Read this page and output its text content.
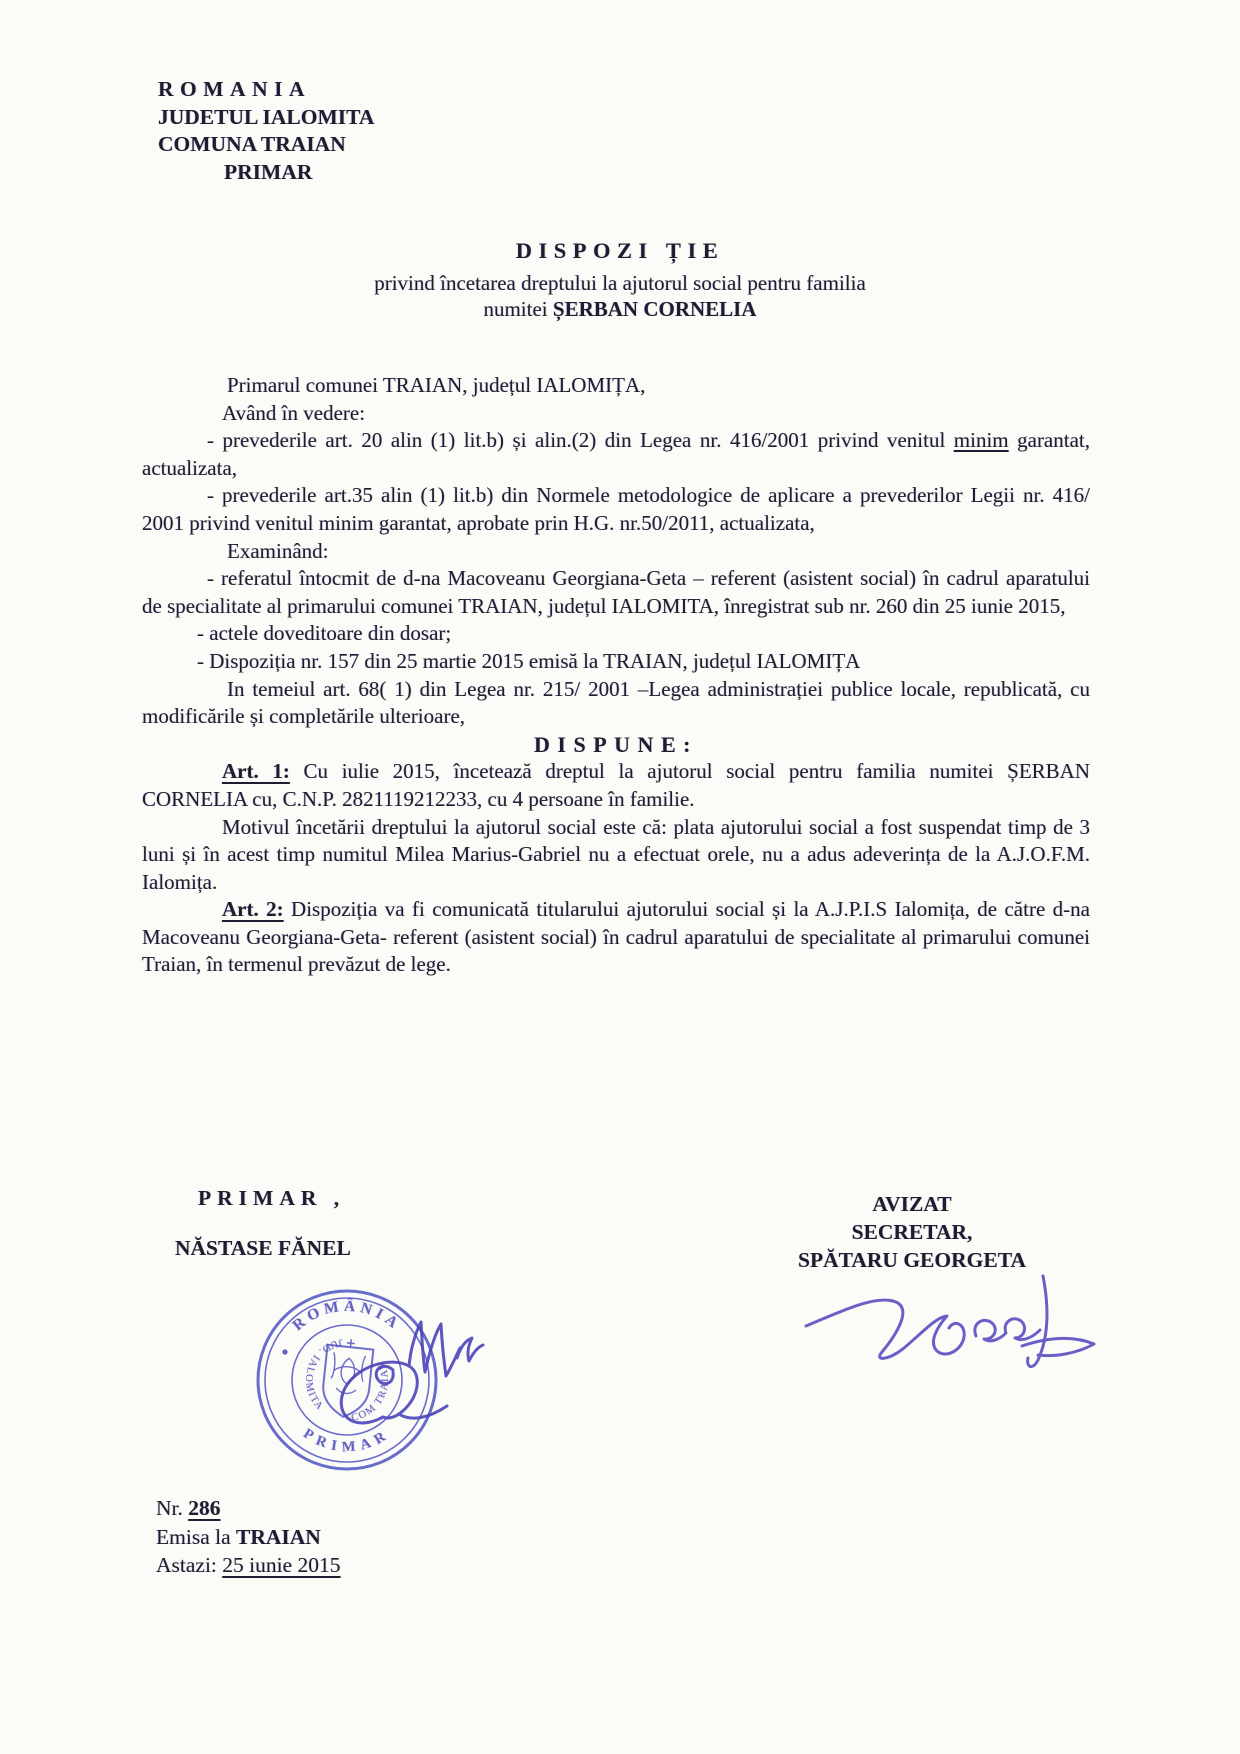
ROMANIA
JUDETUL IALOMITA
COMUNA TRAIAN
PRIMAR
DISPOZI ȚIE
privind încetarea dreptului la ajutorul social pentru familia
numitei ȘERBAN CORNELIA

Primarul comunei TRAIAN, județul IALOMIȚA,

Având în vedere:

- prevederile art. 20 alin (1) lit.b) și alin.(2) din Legea nr. 416/2001 privind venitul minim garantat, actualizata,

- prevederile art.35 alin (1) lit.b) din Normele metodologice de aplicare a prevederilor Legii nr. 416/ 2001 privind venitul minim garantat, aprobate prin H.G. nr.50/2011, actualizata,

Examinând:

- referatul întocmit de d-na Macoveanu Georgiana-Geta – referent (asistent social) în cadrul aparatului de specialitate al primarului comunei TRAIAN, județul IALOMITA, înregistrat sub nr. 260 din 25 iunie 2015,

- actele doveditoare din dosar;

- Dispoziția nr. 157 din 25 martie 2015 emisă la TRAIAN, județul IALOMIȚA

In temeiul art. 68( 1) din Legea nr. 215/ 2001 –Legea administrației publice locale, republicată, cu modificările și completările ulterioare,

DISPUNE:

Art. 1: Cu iulie 2015, încetează dreptul la ajutorul social pentru familia numitei ȘERBAN CORNELIA cu, C.N.P. 2821119212233, cu 4 persoane în familie.

Motivul încetării dreptului la ajutorul social este că: plata ajutorului social a fost suspendat timp de 3 luni și în acest timp numitul Milea Marius-Gabriel nu a efectuat orele, nu a adus adeverința de la A.J.O.F.M. Ialomița.

Art. 2: Dispoziția va fi comunicată titularului ajutorului social și la A.J.P.I.S Ialomița, de către d-na Macoveanu Georgiana-Geta- referent (asistent social) în cadrul aparatului de specialitate al primarului comunei Traian, în termenul prevăzut de lege.

PRIMAR ,
NĂSTASE FĂNEL
AVIZAT
SECRETAR,
SPĂTARU GEORGETA
ROMÂNIA
PRIMAR
JUD. IALOMITA
COM TRAIAN
Nr. 286
Emisa la TRAIAN
Astazi: 25 iunie 2015
